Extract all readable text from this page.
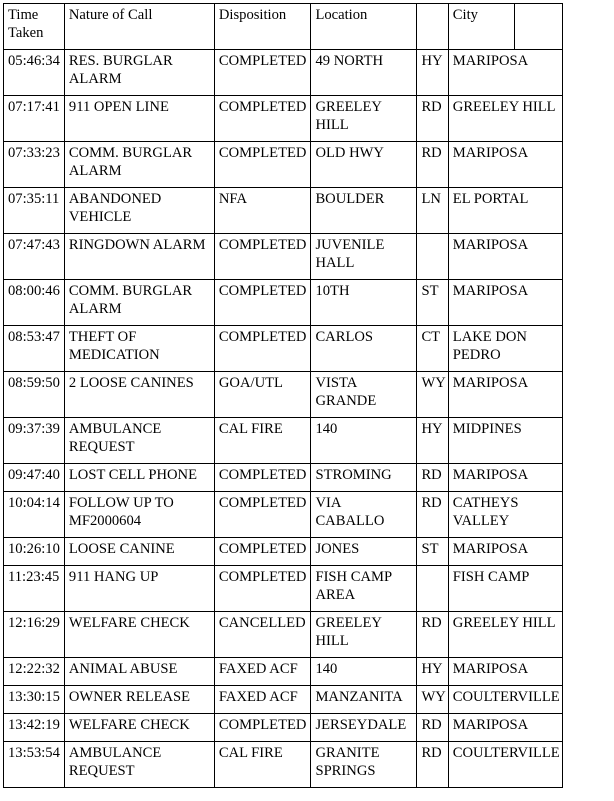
Time Taken	Nature of Call	Disposition	Location		City	
05:46:34	RES. BURGLAR ALARM	COMPLETED	49 NORTH	HY	MARIPOSA	
07:17:41	911 OPEN LINE	COMPLETED	GREELEY HILL	RD	GREELEY HILL	
07:33:23	COMM. BURGLAR ALARM	COMPLETED	OLD HWY	RD	MARIPOSA	
07:35:11	ABANDONED VEHICLE	NFA	BOULDER	LN	EL PORTAL	
07:47:43	RINGDOWN ALARM	COMPLETED	JUVENILE HALL		MARIPOSA	
08:00:46	COMM. BURGLAR ALARM	COMPLETED	10TH	ST	MARIPOSA	
08:53:47	THEFT OF MEDICATION	COMPLETED	CARLOS	CT	LAKE DON PEDRO	
08:59:50	2 LOOSE CANINES	GOA/UTL	VISTA GRANDE	WY	MARIPOSA	
09:37:39	AMBULANCE REQUEST	CAL FIRE	140	HY	MIDPINES	
09:47:40	LOST CELL PHONE	COMPLETED	STROMING	RD	MARIPOSA	
10:04:14	FOLLOW UP TO MF2000604	COMPLETED	VIA CABALLO	RD	CATHEYS VALLEY	
10:26:10	LOOSE CANINE	COMPLETED	JONES	ST	MARIPOSA	
11:23:45	911 HANG UP	COMPLETED	FISH CAMP AREA		FISH CAMP	
12:16:29	WELFARE CHECK	CANCELLED	GREELEY HILL	RD	GREELEY HILL	
12:22:32	ANIMAL ABUSE	FAXED ACF	140	HY	MARIPOSA	
13:30:15	OWNER RELEASE	FAXED ACF	MANZANITA	WY	COULTERVILLE	
13:42:19	WELFARE CHECK	COMPLETED	JERSEYDALE	RD	MARIPOSA	
13:53:54	AMBULANCE REQUEST	CAL FIRE	GRANITE SPRINGS	RD	COULTERVILLE	
